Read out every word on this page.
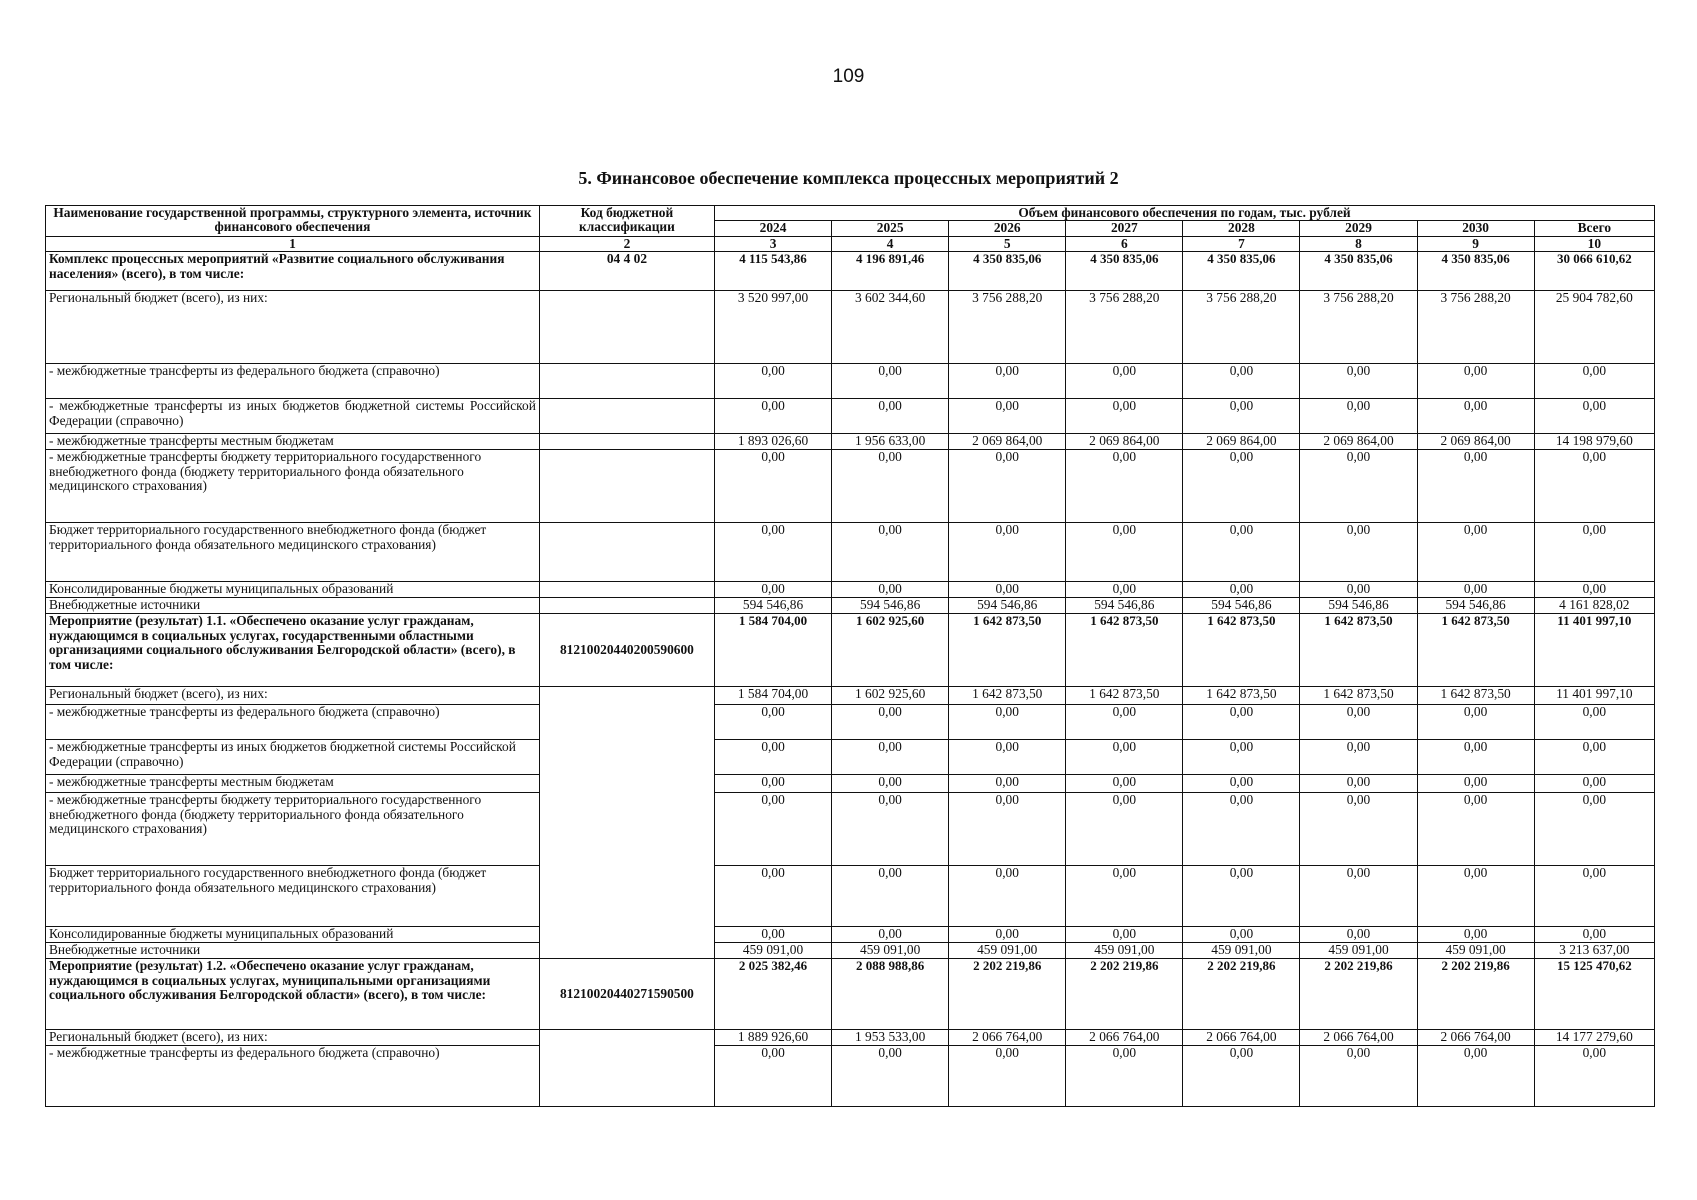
109
5. Финансовое обеспечение комплекса процессных мероприятий 2
Наименование государственной программы, структурного элемента, источник финансового обеспечения	Код бюджетной классификации	Объем финансового обеспечения по годам, тыс. рублей							
		2024	2025	2026	2027	2028	2029	2030	Всего
1	2	3	4	5	6	7	8	9	10
Комплекс процессных мероприятий «Развитие социального обслуживания населения» (всего), в том числе:	04 4 02	4 115 543,86	4 196 891,46	4 350 835,06	4 350 835,06	4 350 835,06	4 350 835,06	4 350 835,06	30 066 610,62
Региональный бюджет (всего), из них:		3 520 997,00	3 602 344,60	3 756 288,20	3 756 288,20	3 756 288,20	3 756 288,20	3 756 288,20	25 904 782,60
- межбюджетные трансферты из федерального бюджета (справочно)		0,00	0,00	0,00	0,00	0,00	0,00	0,00	0,00
- межбюджетные трансферты из иных бюджетов бюджетной системы Российской Федерации (справочно)		0,00	0,00	0,00	0,00	0,00	0,00	0,00	0,00
- межбюджетные трансферты местным бюджетам		1 893 026,60	1 956 633,00	2 069 864,00	2 069 864,00	2 069 864,00	2 069 864,00	2 069 864,00	14 198 979,60
- межбюджетные трансферты бюджету территориального государственного внебюджетного фонда (бюджету территориального фонда обязательного медицинского страхования)		0,00	0,00	0,00	0,00	0,00	0,00	0,00	0,00
Бюджет территориального государственного внебюджетного фонда (бюджет территориального фонда обязательного медицинского страхования)		0,00	0,00	0,00	0,00	0,00	0,00	0,00	0,00
Консолидированные бюджеты муниципальных образований		0,00	0,00	0,00	0,00	0,00	0,00	0,00	0,00
Внебюджетные источники		594 546,86	594 546,86	594 546,86	594 546,86	594 546,86	594 546,86	594 546,86	4 161 828,02
Мероприятие (результат) 1.1. «Обеспечено оказание услуг гражданам, нуждающимся в социальных услугах, государственными областными организациями социального обслуживания Белгородской области» (всего), в том числе:	81210020440200590600	1 584 704,00	1 602 925,60	1 642 873,50	1 642 873,50	1 642 873,50	1 642 873,50	1 642 873,50	11 401 997,10
Региональный бюджет (всего), из них:		1 584 704,00	1 602 925,60	1 642 873,50	1 642 873,50	1 642 873,50	1 642 873,50	1 642 873,50	11 401 997,10
- межбюджетные трансферты из федерального бюджета (справочно)		0,00	0,00	0,00	0,00	0,00	0,00	0,00	0,00
- межбюджетные трансферты из иных бюджетов бюджетной системы Российской Федерации (справочно)		0,00	0,00	0,00	0,00	0,00	0,00	0,00	0,00
- межбюджетные трансферты местным бюджетам		0,00	0,00	0,00	0,00	0,00	0,00	0,00	0,00
- межбюджетные трансферты бюджету территориального государственного внебюджетного фонда (бюджету территориального фонда обязательного медицинского страхования)		0,00	0,00	0,00	0,00	0,00	0,00	0,00	0,00
Бюджет территориального государственного внебюджетного фонда (бюджет территориального фонда обязательного медицинского страхования)		0,00	0,00	0,00	0,00	0,00	0,00	0,00	0,00
Консолидированные бюджеты муниципальных образований		0,00	0,00	0,00	0,00	0,00	0,00	0,00	0,00
Внебюджетные источники		459 091,00	459 091,00	459 091,00	459 091,00	459 091,00	459 091,00	459 091,00	3 213 637,00
Мероприятие (результат) 1.2. «Обеспечено оказание услуг гражданам, нуждающимся в социальных услугах, муниципальными организациями социального обслуживания Белгородской области» (всего), в том числе:	81210020440271590500	2 025 382,46	2 088 988,86	2 202 219,86	2 202 219,86	2 202 219,86	2 202 219,86	2 202 219,86	15 125 470,62
Региональный бюджет (всего), из них:		1 889 926,60	1 953 533,00	2 066 764,00	2 066 764,00	2 066 764,00	2 066 764,00	2 066 764,00	14 177 279,60
- межбюджетные трансферты из федерального бюджета (справочно)		0,00	0,00	0,00	0,00	0,00	0,00	0,00	0,00
